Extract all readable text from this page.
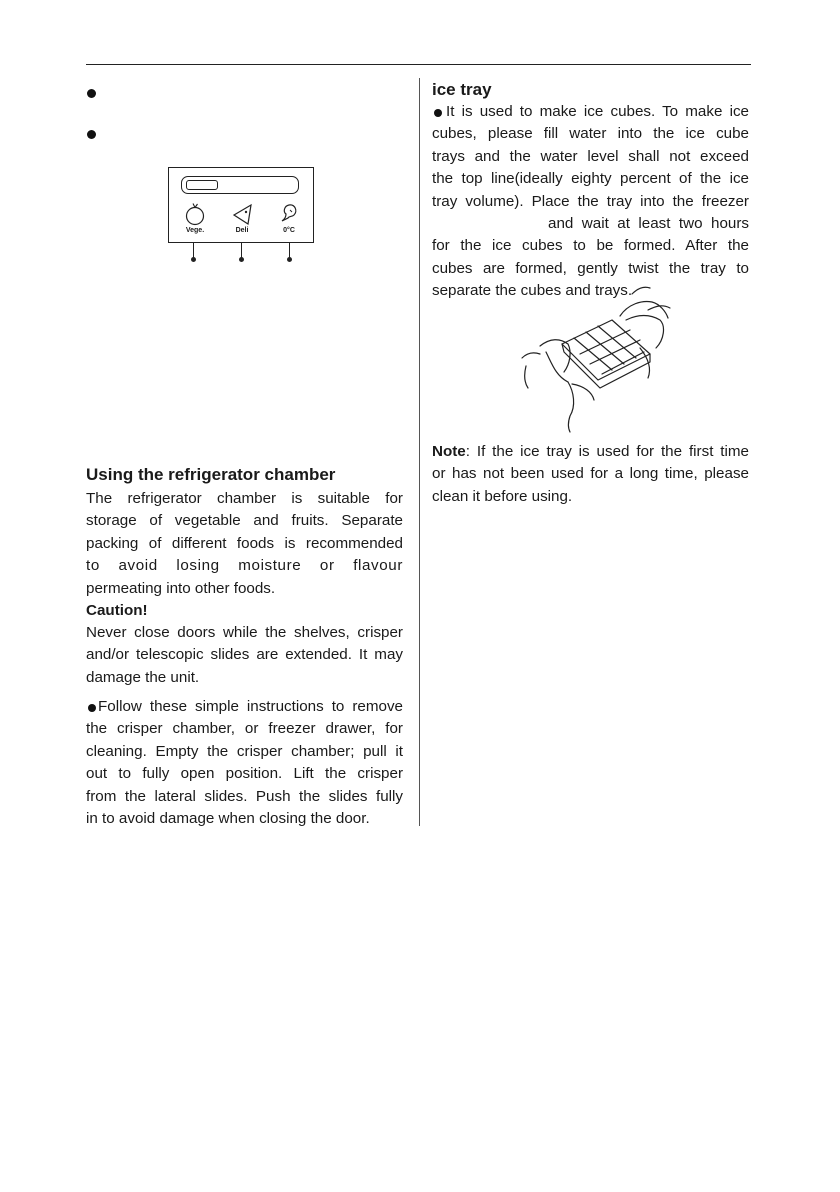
Vege.	Deli	0°C
Using the refrigerator chamber
The refrigerator chamber is suitable for
storage of vegetable and fruits. Separate
packing of different foods is recommended
to avoid losing moisture or flavour
permeating into other foods.
Caution!
Never close doors while the shelves, crisper
and/or telescopic slides are extended. It may
damage the unit.
Follow these simple instructions to remove
the crisper chamber, or freezer drawer, for
cleaning. Empty the crisper chamber; pull it
out to fully open position. Lift the crisper
from the lateral slides. Push the slides fully
in to avoid damage when closing the door.
ice tray
It is used to make ice cubes. To make ice
cubes, please fill water into the ice cube
trays and the water level shall not exceed
the top line(ideally eighty percent of the ice
tray volume). Place the tray into the freezer
and wait at least two hours
for the ice cubes to be formed. After the
cubes are formed, gently twist the tray to
separate the cubes and trays.
Note: If the ice tray is used for the first time
or has not been used for a long time, please
clean it before using.
